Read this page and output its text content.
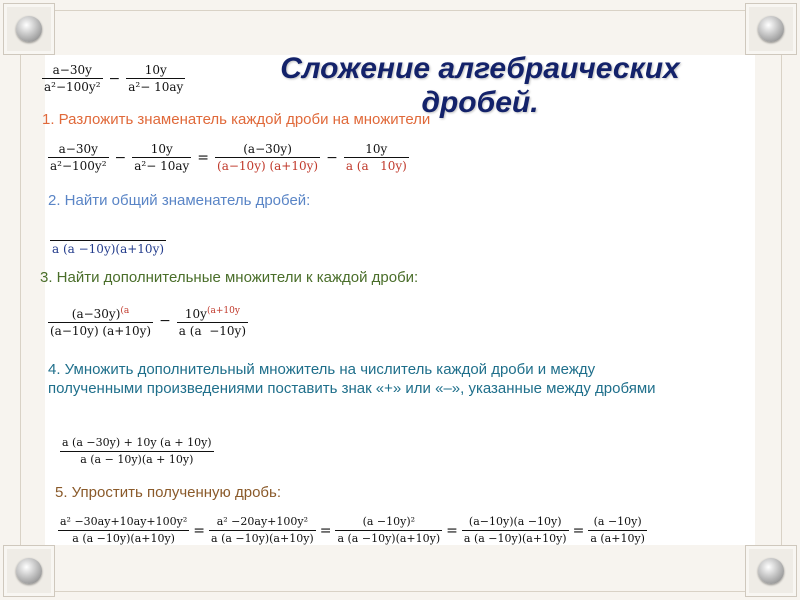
Сложение алгебраических дробей.
$\frac{a-30y}{\text{a²−100y²}} - \frac{10y}{\text{a²− 10ay}}$
1. Разложить знаменатель каждой дроби на множители
$\frac{a-30y}{\text{a²−100y²}} - \frac{10y}{\text{a²− 10ay}} = \frac{(a-30y)}{(a-10y) (a+10y)} - \frac{10y}{a (a 10y)}$
2. Найти общий знаменатель дробей:
a (a −10y)(a+10y)
3. Найти дополнительные множители к каждой дроби:
$\frac{(a-30y)^{(a}}{(a-10y) (a+10y)} - \frac{10y^{(a+10y}}{a (a -10y)}$
4. Умножить дополнительный множитель на числитель каждой дроби и между
полученными произведениями поставить знак «+» или «–», указанные между дробями
$\frac{a (a -30y) + 10y (a + 10y)}{a (a - 10y)(a + 10y)}$
5. Упростить полученную дробь:
$\frac{\text{a² −30ay+10ay+100y²}}{a (a -10y)(a+10y)} = \frac{\text{a² −20ay+100y²}}{a (a -10y)(a+10y)} = \frac{\text{(a −10y)²}}{a (a -10y)(a+10y)} = \frac{(a-10y)(a -10y)}{a (a -10y)(a+10y)} = \frac{(a -10y)}{a (a+10y)}$
